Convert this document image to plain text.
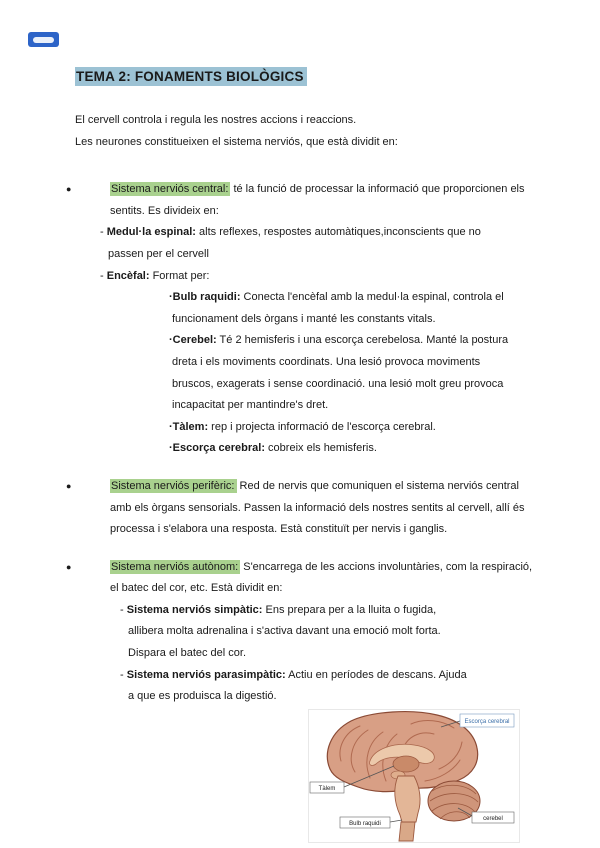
TEMA 2: FONAMENTS BIOLÒGICS

El cervell controla i regula les nostres accions i reaccions.

Les neurones constitueixen el sistema nerviós, que està dividit en:

●	Sistema nerviós central: té la funció de processar la informació que proporcionen els sentits. Es divideix en:
- Medul·la espinal: alts reflexes, respostes automàtiques,inconscients que no passen per el cervell
- Encèfal: Format per:
·Bulb raquidi: Conecta l'encèfal amb la medul·la espinal, controla el funcionament dels òrgans i manté les constants vitals.
·Cerebel: Té 2 hemisferis i una escorça cerebelosa. Manté la postura dreta i els moviments coordinats. Una lesió provoca moviments bruscos, exagerats i sense coordinació. una lesió molt greu provoca incapacitat per mantindre's dret.
·Tàlem: rep i projecta informació de l'escorça cerebral.
·Escorça cerebral: cobreix els hemisferis.
●	Sistema nerviós perifèric: Red de nervis que comuniquen el sistema nerviós central amb els òrgans sensorials. Passen la informació dels nostres sentits al cervell, allí és processa i s'elabora una resposta. Està constituït per nervis i ganglis.
●	Sistema nerviós autònom: S'encarrega de les accions involuntàries, com la respiració, el batec del cor, etc. Està dividit en:
- Sistema nerviós simpàtic: Ens prepara per a la lluita o fugida, allibera molta adrenalina i s'activa davant una emoció molt forta. Dispara el batec del cor.
- Sistema nerviós parasimpàtic: Actiu en períodes de descans. Ajuda a que es produisca la digestió.
Escorça cerebral
Tàlem
Bulb raquidi
cerebel
